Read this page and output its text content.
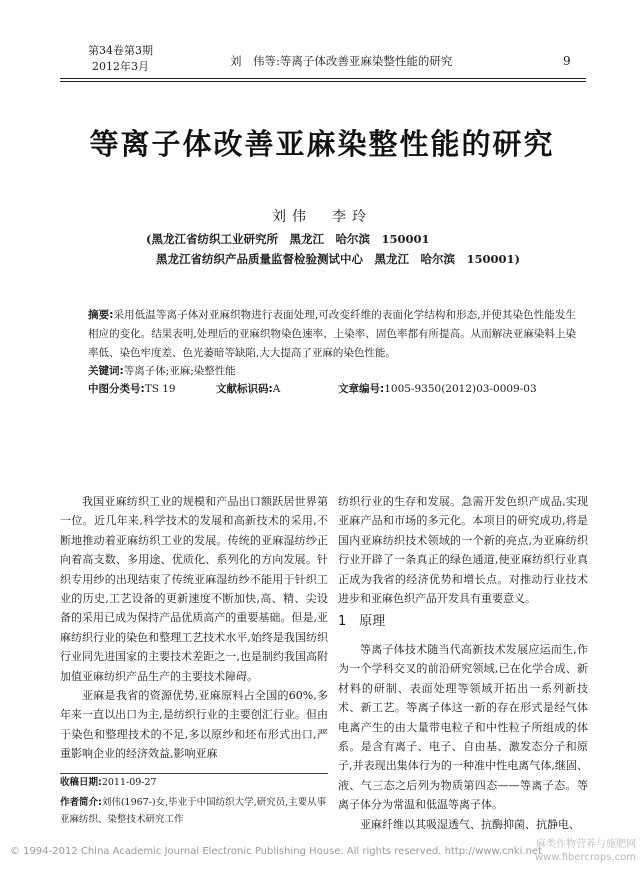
第34卷第3期
2012年3月	刘　伟等:等离子体改善亚麻染整性能的研究	9
等离子体改善亚麻染整性能的研究
刘伟　李玲
(黑龙江省纺织工业研究所　黑龙江　哈尔滨　150001
黑龙江省纺织产品质量监督检验测试中心　黑龙江　哈尔滨　150001)
摘要:采用低温等离子体对亚麻织物进行表面处理,可改变纤维的表面化学结构和形态,并使其染色性能发生相应的变化。结果表明,处理后的亚麻织物染色速率、上染率、固色率都有所提高。从而解决亚麻染料上染率低、染色牢度差、色光萎暗等缺陷,大大提高了亚麻的染色性能。
关键词:等离子体;亚麻;染整性能
中图分类号:TS 19	文献标识码:A	文章编号:1005-9350(2012)03-0009-03

我国亚麻纺织工业的规模和产品出口额跃居世界第一位。近几年来,科学技术的发展和高新技术的采用,不断地推动着亚麻纺织工业的发展。传统的亚麻湿纺纱正向着高支数、多用途、优质化、系列化的方向发展。针织专用纱的出现结束了传统亚麻湿纺纱不能用于针织工业的历史,工艺设备的更新速度不断加快,高、精、尖设备的采用已成为保持产品优质高产的重要基础。但是,亚麻纺织行业的染色和整理工艺技术水平,始终是我国纺织行业同先进国家的主要技术差距之一,也是制约我国高附加值亚麻纺织产品生产的主要技术障碍。

亚麻是我省的资源优势,亚麻原料占全国的60%,多年来一直以出口为主,是纺织行业的主要创汇行业。但由于染色和整理技术的不足,多以原纱和坯布形式出口,严重影响企业的经济效益,影响亚麻

收稿日期:2011-09-27
作者简介:刘伟(1967-)女,毕业于中国纺织大学,研究员,主要从事亚麻纺织、染整技术研究工作

纺织行业的生存和发展。急需开发色织产成品,实现亚麻产品和市场的多元化。本项目的研究成功,将是国内亚麻纺织技术领域的一个新的亮点,为亚麻纺织行业开辟了一条真正的绿色通道,使亚麻纺织行业真正成为我省的经济优势和增长点。对推动行业技术进步和亚麻色织产品开发具有重要意义。

1　原理

等离子体技术随当代高新技术发展应运而生,作为一个学科交叉的前沿研究领域,已在化学合成、新材料的研制、表面处理等领域开拓出一系列新技术、新工艺。等离子体这一新的存在形式是经气体电离产生的由大量带电粒子和中性粒子所组成的体系。是含有离子、电子、自由基、激发态分子和原子,并表现出集体行为的一种准中性电离气体,继固、液、气三态之后列为物质第四态——等离子态。等离子体分为常温和低温等离子体。

亚麻纤维以其吸湿透气、抗酶抑菌、抗静电、

© 1994-2012 China Academic Journal Electronic Publishing House. All rights reserved. http://www.cnki.net
麻类作物营养与施肥网
www.fibercrops.com
